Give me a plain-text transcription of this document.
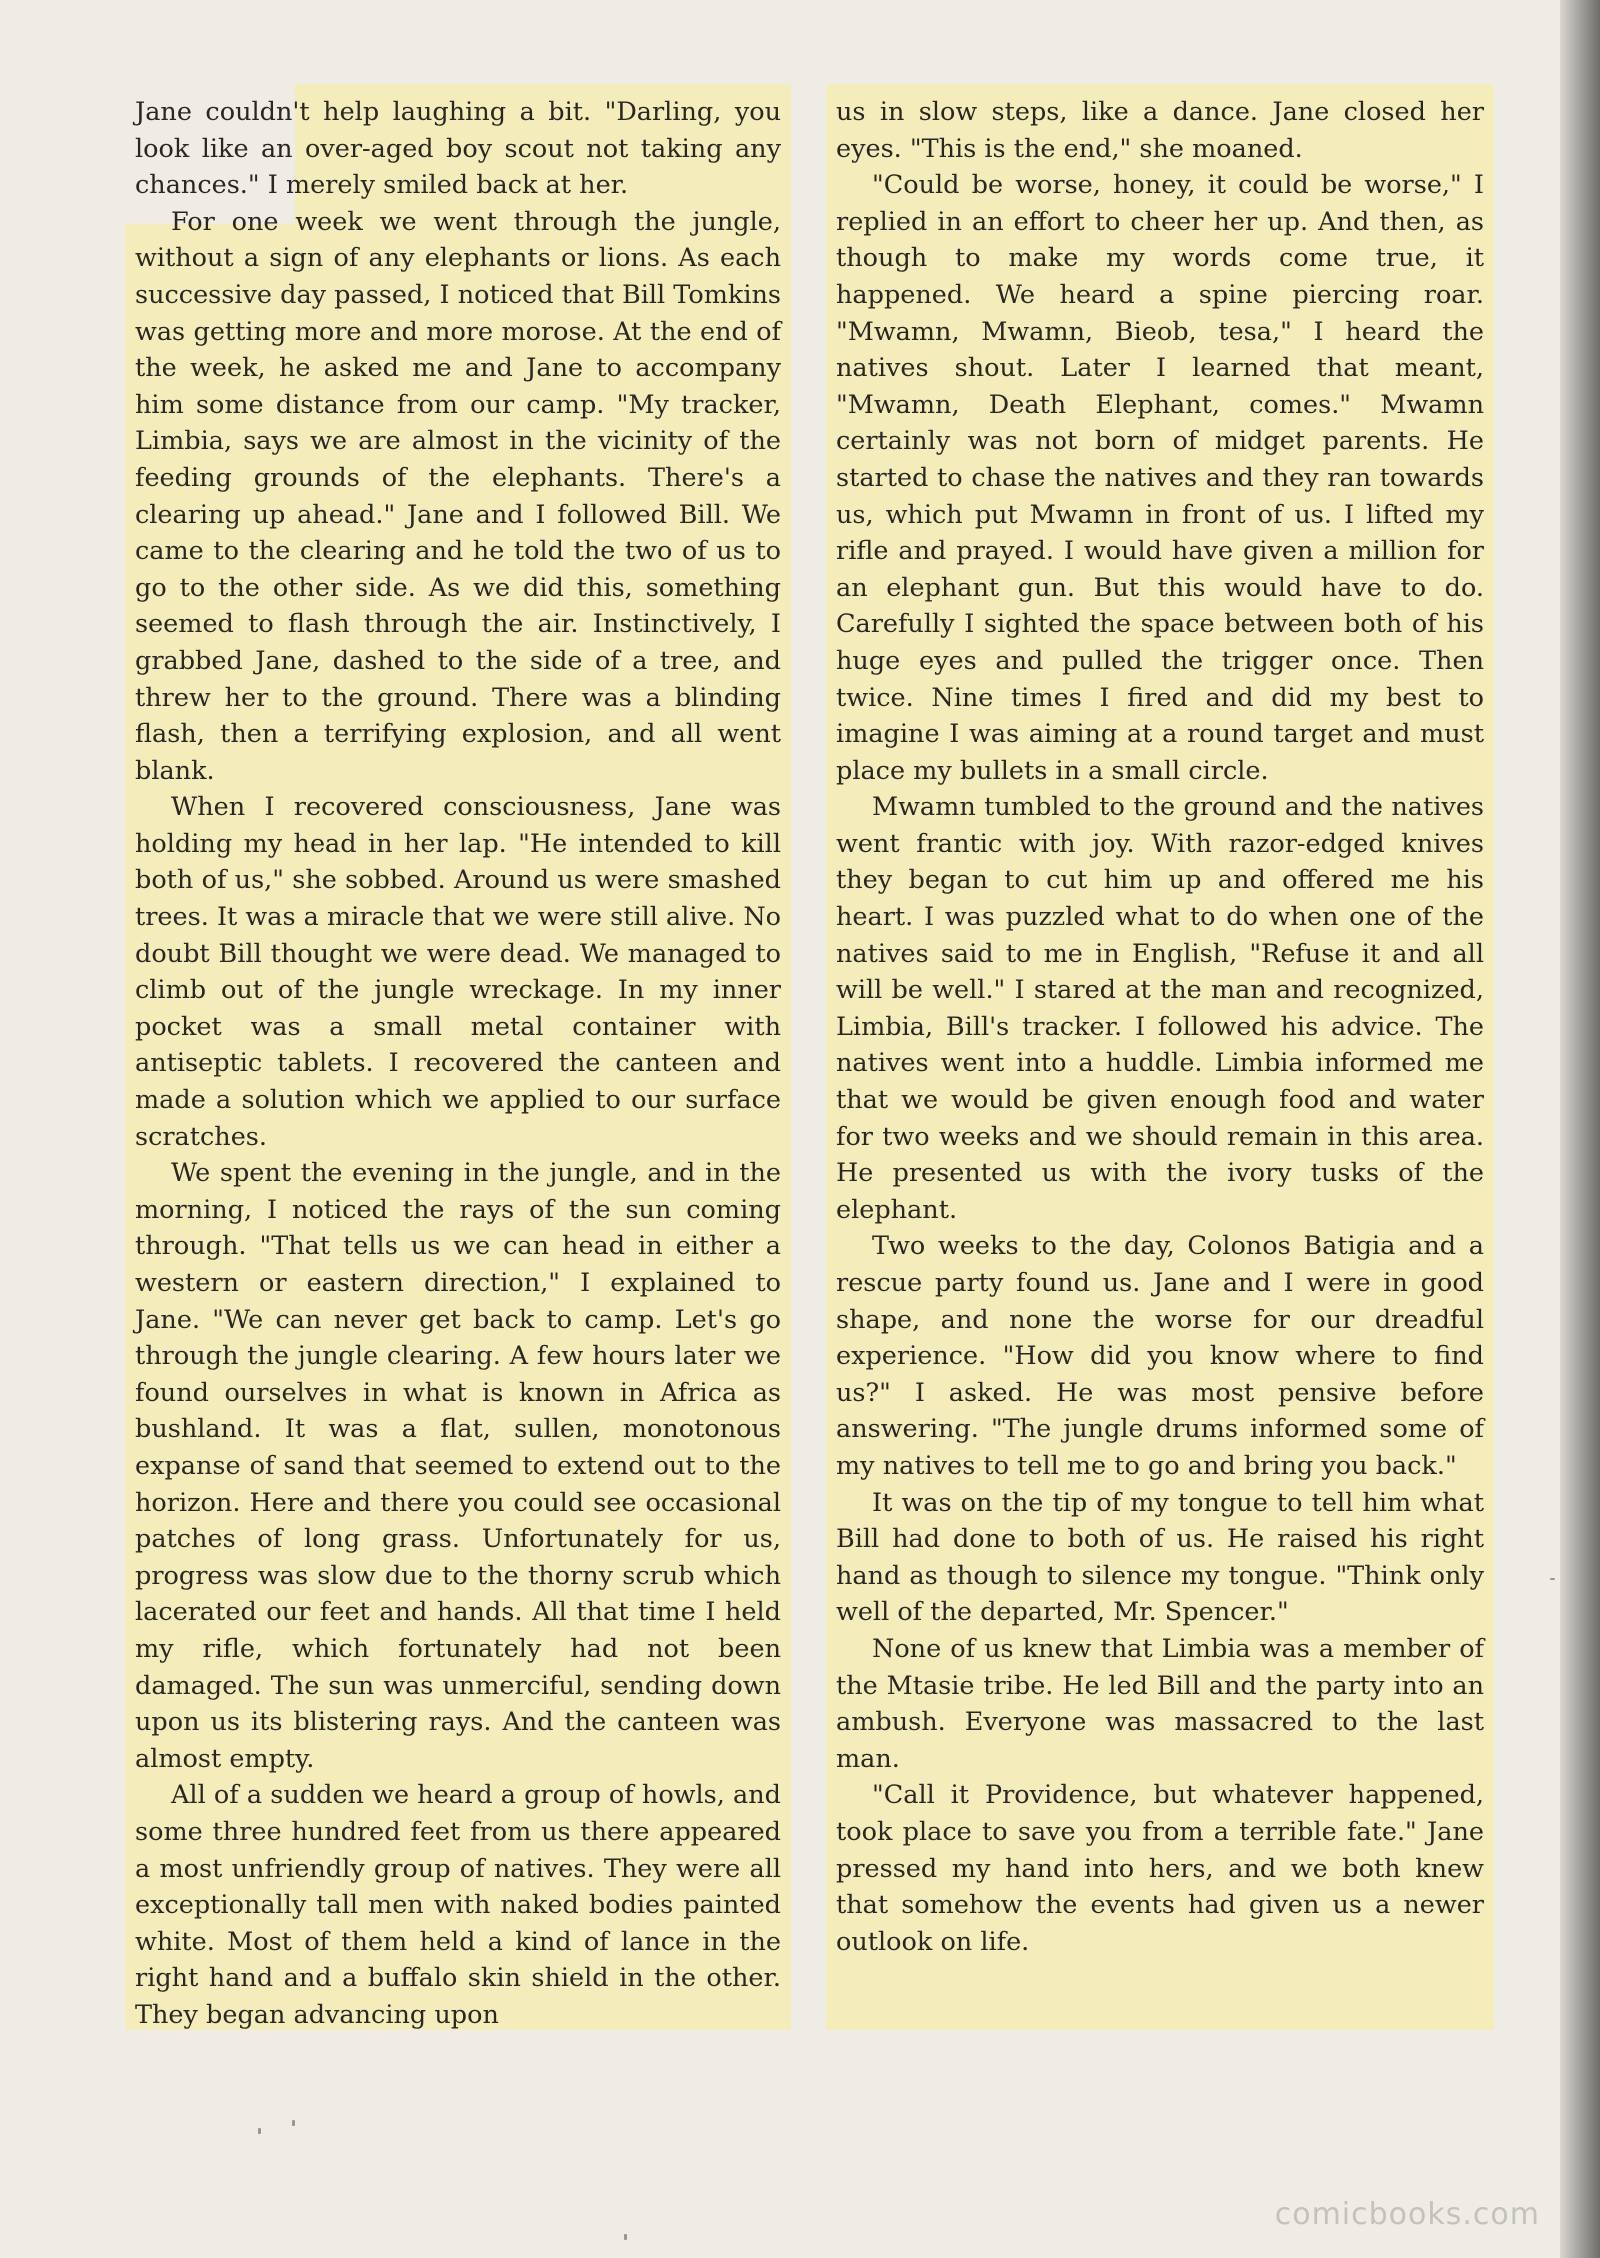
Jane couldn't help laughing a bit. "Darling, you look like an over-aged boy scout not taking any chances." I merely smiled back at her.

For one week we went through the jungle, without a sign of any elephants or lions. As each successive day passed, I noticed that Bill Tomkins was getting more and more morose. At the end of the week, he asked me and Jane to accompany him some distance from our camp. "My tracker, Limbia, says we are almost in the vicinity of the feeding grounds of the elephants. There's a clearing up ahead." Jane and I followed Bill. We came to the clearing and he told the two of us to go to the other side. As we did this, something seemed to flash through the air. Instinctively, I grabbed Jane, dashed to the side of a tree, and threw her to the ground. There was a blinding flash, then a terrifying explosion, and all went blank.

When I recovered consciousness, Jane was holding my head in her lap. "He intended to kill both of us," she sobbed. Around us were smashed trees. It was a miracle that we were still alive. No doubt Bill thought we were dead. We managed to climb out of the jungle wreckage. In my inner pocket was a small metal container with antiseptic tablets. I recovered the canteen and made a solution which we applied to our surface scratches.

We spent the evening in the jungle, and in the morning, I noticed the rays of the sun coming through. "That tells us we can head in either a western or eastern direction," I explained to Jane. "We can never get back to camp. Let's go through the jungle clearing. A few hours later we found ourselves in what is known in Africa as bushland. It was a flat, sullen, monotonous expanse of sand that seemed to extend out to the horizon. Here and there you could see occasional patches of long grass. Unfortunately for us, progress was slow due to the thorny scrub which lacerated our feet and hands. All that time I held my rifle, which fortunately had not been damaged. The sun was unmerciful, sending down upon us its blistering rays. And the canteen was almost empty.

All of a sudden we heard a group of howls, and some three hundred feet from us there appeared a most unfriendly group of natives. They were all exceptionally tall men with naked bodies painted white. Most of them held a kind of lance in the right hand and a buffalo skin shield in the other. They began advancing upon

us in slow steps, like a dance. Jane closed her eyes. "This is the end," she moaned.

"Could be worse, honey, it could be worse," I replied in an effort to cheer her up. And then, as though to make my words come true, it happened. We heard a spine piercing roar. "Mwamn, Mwamn, Bieob, tesa," I heard the natives shout. Later I learned that meant, "Mwamn, Death Elephant, comes." Mwamn certainly was not born of midget parents. He started to chase the natives and they ran towards us, which put Mwamn in front of us. I lifted my rifle and prayed. I would have given a million for an elephant gun. But this would have to do. Carefully I sighted the space between both of his huge eyes and pulled the trigger once. Then twice. Nine times I fired and did my best to imagine I was aiming at a round target and must place my bullets in a small circle.

Mwamn tumbled to the ground and the natives went frantic with joy. With razor-edged knives they began to cut him up and offered me his heart. I was puzzled what to do when one of the natives said to me in English, "Refuse it and all will be well." I stared at the man and recognized, Limbia, Bill's tracker. I followed his advice. The natives went into a huddle. Limbia informed me that we would be given enough food and water for two weeks and we should remain in this area. He presented us with the ivory tusks of the elephant.

Two weeks to the day, Colonos Batigia and a rescue party found us. Jane and I were in good shape, and none the worse for our dreadful experience. "How did you know where to find us?" I asked. He was most pensive before answering. "The jungle drums informed some of my natives to tell me to go and bring you back."

It was on the tip of my tongue to tell him what Bill had done to both of us. He raised his right hand as though to silence my tongue. "Think only well of the departed, Mr. Spencer."

None of us knew that Limbia was a member of the Mtasie tribe. He led Bill and the party into an ambush. Everyone was massacred to the last man.

"Call it Providence, but whatever happened, took place to save you from a terrible fate." Jane pressed my hand into hers, and we both knew that somehow the events had given us a newer outlook on life.

comicbooks.com
